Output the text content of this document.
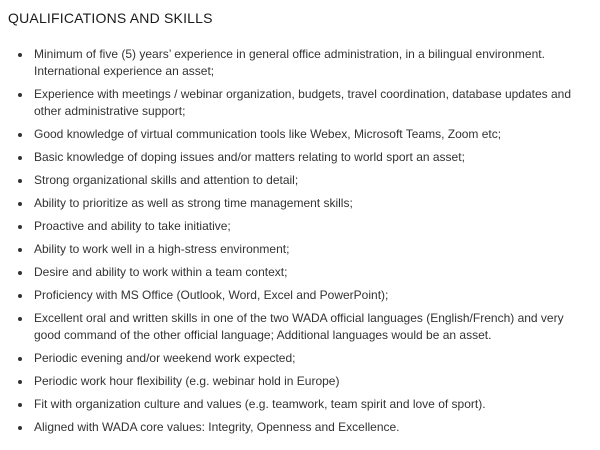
QUALIFICATIONS AND SKILLS
Minimum of five (5) years’ experience in general office administration, in a bilingual environment. International experience an asset;
Experience with meetings / webinar organization, budgets, travel coordination, database updates and other administrative support;
Good knowledge of virtual communication tools like Webex, Microsoft Teams, Zoom etc;
Basic knowledge of doping issues and/or matters relating to world sport an asset;
Strong organizational skills and attention to detail;
Ability to prioritize as well as strong time management skills;
Proactive and ability to take initiative;
Ability to work well in a high-stress environment;
Desire and ability to work within a team context;
Proficiency with MS Office (Outlook, Word, Excel and PowerPoint);
Excellent oral and written skills in one of the two WADA official languages (English/French) and very good command of the other official language; Additional languages would be an asset.
Periodic evening and/or weekend work expected;
Periodic work hour flexibility (e.g. webinar hold in Europe)
Fit with organization culture and values (e.g. teamwork, team spirit and love of sport).
Aligned with WADA core values: Integrity, Openness and Excellence.
